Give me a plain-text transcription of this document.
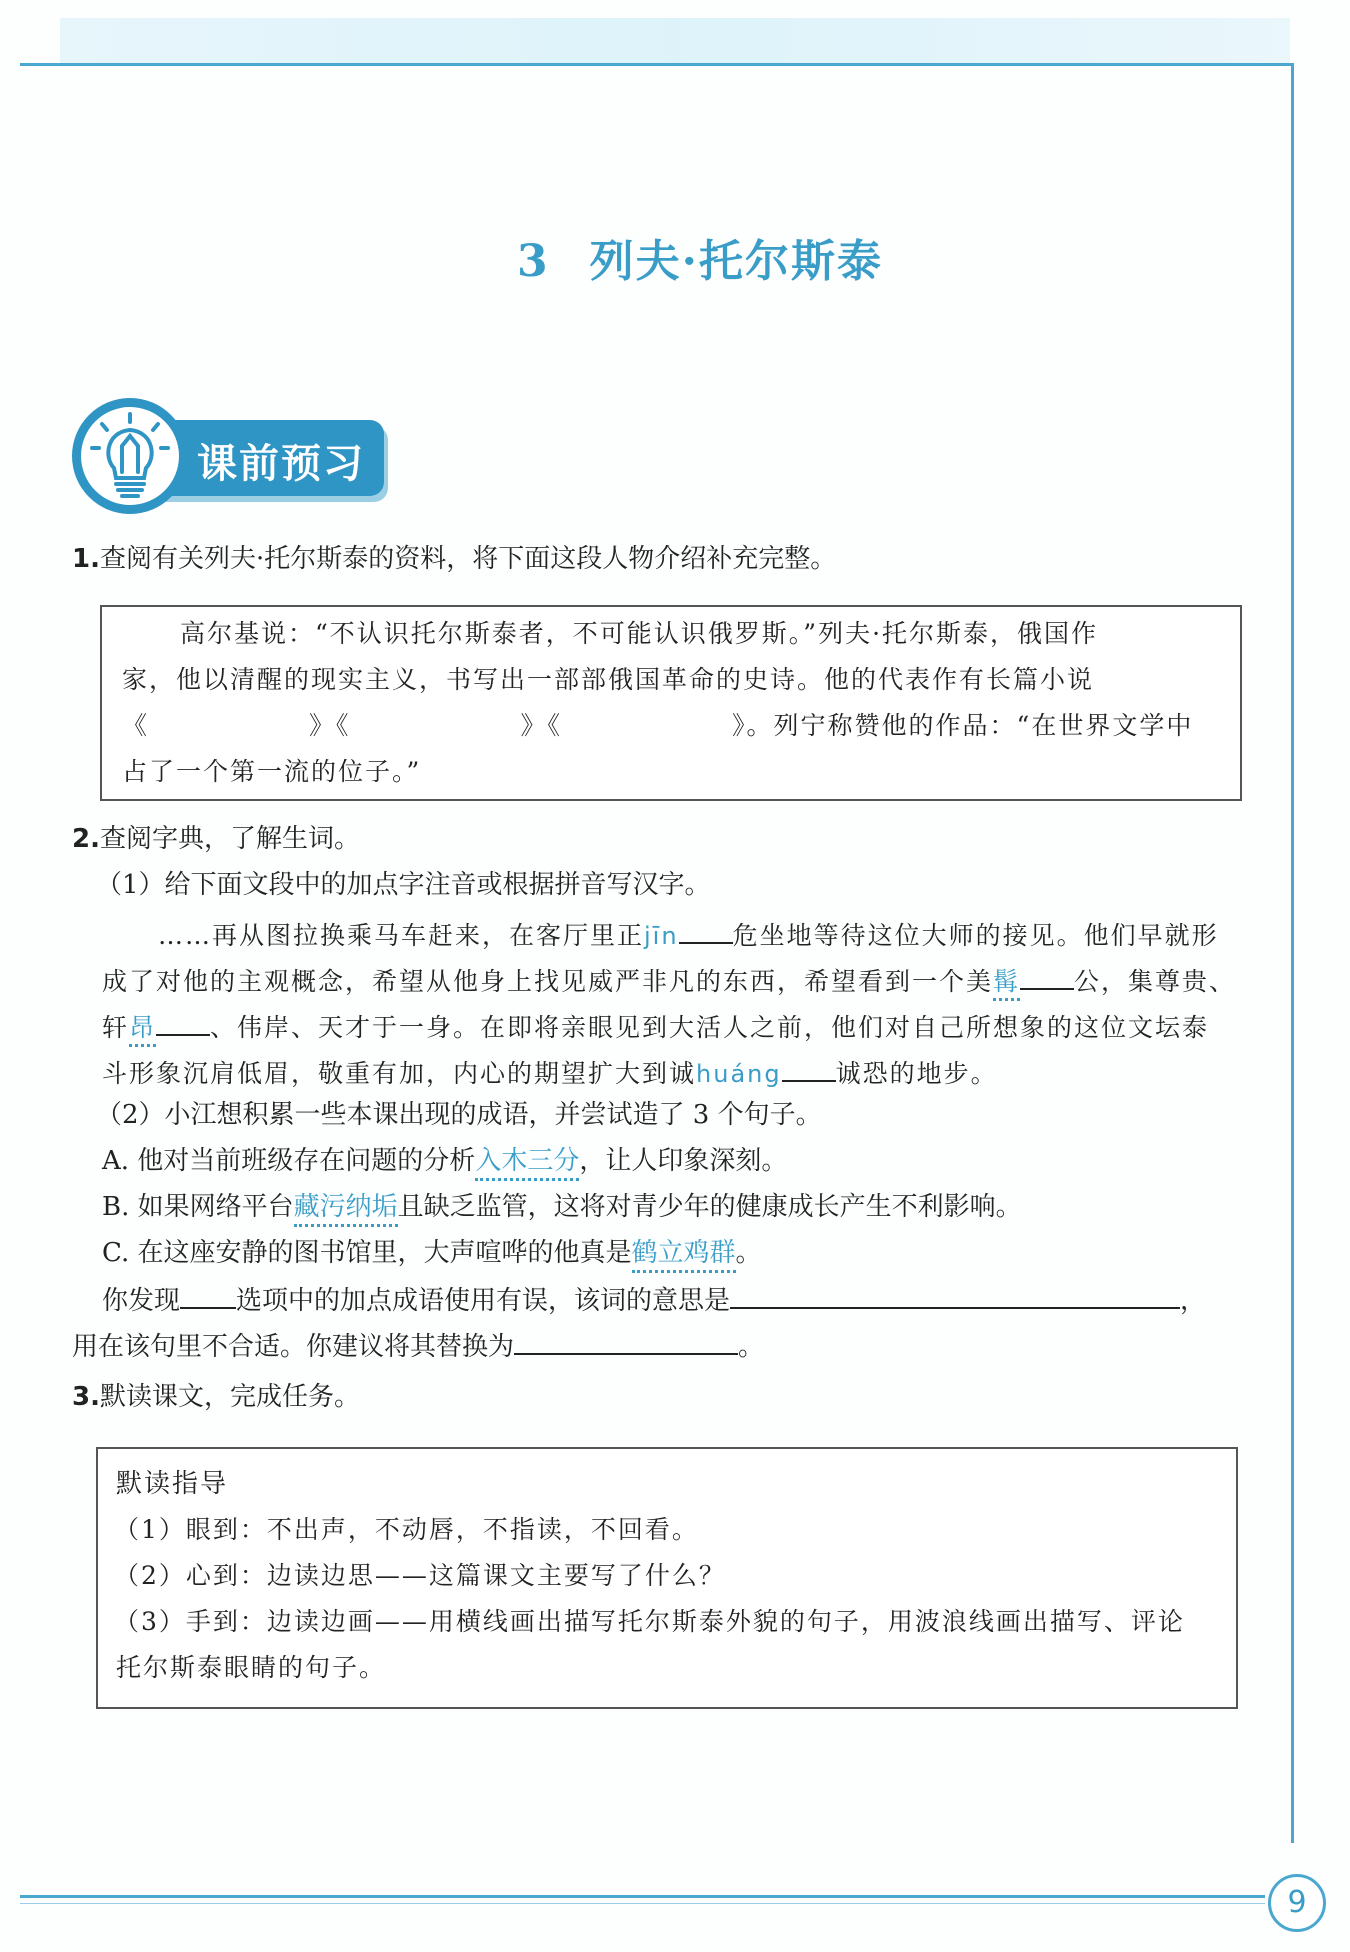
3 列夫·托尔斯泰
课前预习
1.查阅有关列夫·托尔斯泰的资料，将下面这段人物介绍补充完整。
高尔基说：“不认识托尔斯泰者，不可能认识俄罗斯。”列夫·托尔斯泰，俄国作
家，他以清醒的现实主义，书写出一部部俄国革命的史诗。他的代表作有长篇小说
《	》《	》《	》。列宁称赞他的作品：“在世界文学中
占了一个第一流的位子。”
2.查阅字典，了解生词。
（1）给下面文段中的加点字注音或根据拼音写汉字。
……再从图拉换乘马车赶来，在客厅里正jīn 危坐地等待这位大师的接见。他们早就形
成了对他的主观概念，希望从他身上找见威严非凡的东西，希望看到一个美髯 公，集尊贵、
轩昂 、伟岸、天才于一身。在即将亲眼见到大活人之前，他们对自己所想象的这位文坛泰
斗形象沉肩低眉，敬重有加，内心的期望扩大到诚huáng 诚恐的地步。
（2）小江想积累一些本课出现的成语，并尝试造了 3 个句子。
A. 他对当前班级存在问题的分析入木三分，让人印象深刻。
B. 如果网络平台藏污纳垢且缺乏监管，这将对青少年的健康成长产生不利影响。
C. 在这座安静的图书馆里，大声喧哗的他真是鹤立鸡群。
你发现 选项中的加点成语使用有误，该词的意思是	，
用在该句里不合适。你建议将其替换为	。
3.默读课文，完成任务。
默读指导
（1）眼到：不出声，不动唇，不指读，不回看。
（2）心到：边读边思——这篇课文主要写了什么？
（3）手到：边读边画——用横线画出描写托尔斯泰外貌的句子，用波浪线画出描写、评论
托尔斯泰眼睛的句子。
9
